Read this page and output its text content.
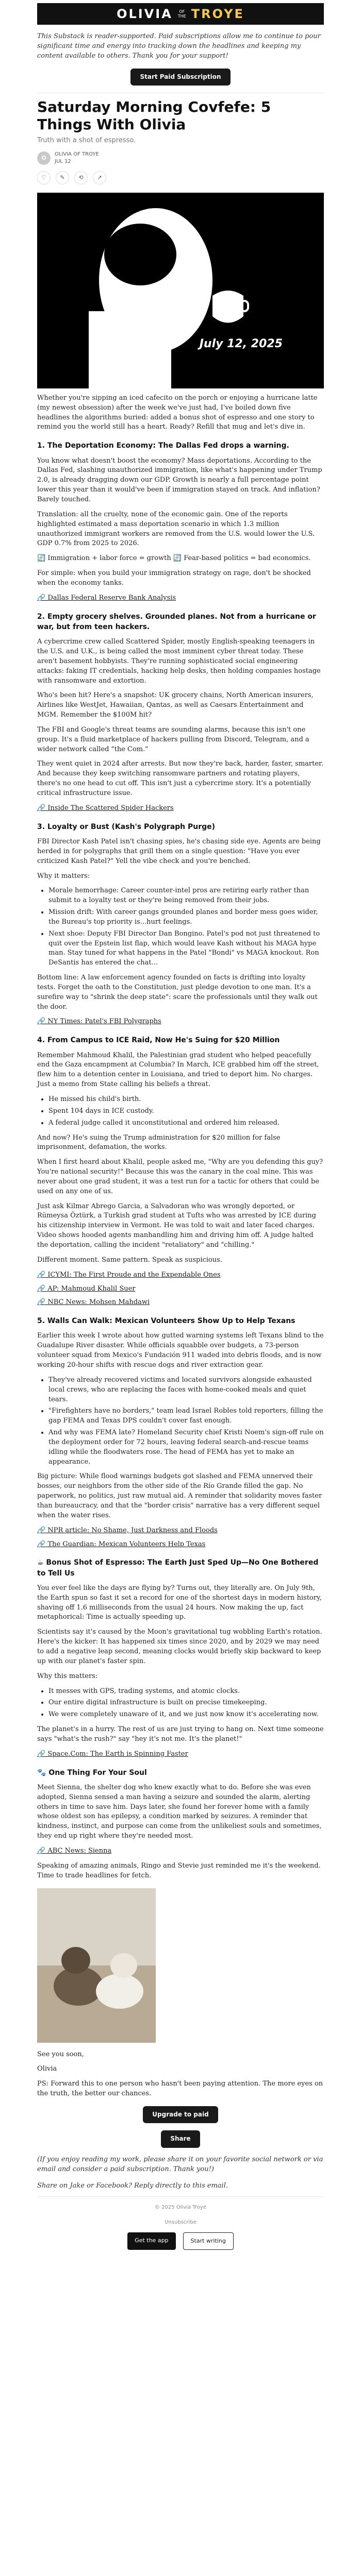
OLIVIA	OF
THE TROYE

This Substack is reader-supported. Paid subscriptions allow me to continue to pour significant time and energy into tracking down the headlines and keeping my content available to others. Thank you for your support!

Start Paid Subscription
Saturday Morning Covfefe: 5 Things With Olivia
Truth with a shot of espresso.
O
OLIVIA OF TROYE
JUL 12
♡	✎	⟲	↗
July 12, 2025

Whether you're sipping an iced cafecito on the porch or enjoying a hurricane latte (my newest obsession) after the week we've just had, I've boiled down five headlines the algorithms buried: added a bonus shot of espresso and one story to remind you the world still has a heart. Ready? Refill that mug and let's dive in.

1. The Deportation Economy: The Dallas Fed drops a warning.

You know what doesn't boost the economy? Mass deportations. According to the Dallas Fed, slashing unauthorized immigration, like what's happening under Trump 2.0, is already dragging down our GDP. Growth is nearly a full percentage point lower this year than it would've been if immigration stayed on track. And inflation? Barely touched.

Translation: all the cruelty, none of the economic gain. One of the reports highlighted estimated a mass deportation scenario in which 1.3 million unauthorized immigrant workers are removed from the U.S. would lower the U.S. GDP 0.7% from 2025 to 2026.

🔄 Immigration + labor force = growth 🔄 Fear-based politics = bad economics.

For simple: when you build your immigration strategy on rage, don't be shocked when the economy tanks.

🔗 Dallas Federal Reserve Bank Analysis
2. Empty grocery shelves. Grounded planes. Not from a hurricane or war, but from teen hackers.

A cybercrime crew called Scattered Spider, mostly English-speaking teenagers in the U.S. and U.K., is being called the most imminent cyber threat today. These aren't basement hobbyists. They're running sophisticated social engineering attacks: faking IT credentials, hacking help desks, then holding companies hostage with ransomware and extortion.

Who's been hit? Here's a snapshot: UK grocery chains, North American insurers, Airlines like WestJet, Hawaiian, Qantas, as well as Caesars Entertainment and MGM. Remember the $100M hit?

The FBI and Google's threat teams are sounding alarms, because this isn't one group. It's a fluid marketplace of hackers pulling from Discord, Telegram, and a wider network called "the Com."

They went quiet in 2024 after arrests. But now they're back, harder, faster, smarter. And because they keep switching ransomware partners and rotating players, there's no one head to cut off. This isn't just a cybercrime story. It's a potentially critical infrastructure issue.

🔗 Inside The Scattered Spider Hackers
3. Loyalty or Bust (Kash's Polygraph Purge)

FBI Director Kash Patel isn't chasing spies, he's chasing side eye. Agents are being herded in for polygraphs that grill them on a single question: "Have you ever criticized Kash Patel?" Yell the vibe check and you're benched.

Why it matters:

• Morale hemorrhage: Career counter-intel pros are retiring early rather than submit to a loyalty test or they're being removed from their jobs.
• Mission drift: With career gangs grounded planes and border mess goes wider, the Bureau's top priority is...hurt feelings.
• Next shoe: Deputy FBI Director Dan Bongino. Patel's pod not just threatened to quit over the Epstein list flap, which would leave Kash without his MAGA hype man. Stay tuned for what happens in the Patel "Bondi" vs MAGA knockout. Ron DeSantis has entered the chat...

Bottom line: A law enforcement agency founded on facts is drifting into loyalty tests. Forget the oath to the Constitution, just pledge devotion to one man. It's a surefire way to "shrink the deep state": scare the professionals until they walk out the door.

🔗 NY Times: Patel's FBI Polygraphs
4. From Campus to ICE Raid, Now He's Suing for $20 Million

Remember Mahmoud Khalil, the Palestinian grad student who helped peacefully end the Gaza encampment at Columbia? In March, ICE grabbed him off the street, flew him to a detention center in Louisiana, and tried to deport him. No charges. Just a memo from State calling his beliefs a threat.

• He missed his child's birth.
• Spent 104 days in ICE custody.
• A federal judge called it unconstitutional and ordered him released.

And now? He's suing the Trump administration for $20 million for false imprisonment, defamation, the works.

When I first heard about Khalil, people asked me, "Why are you defending this guy? You're national security!" Because this was the canary in the coal mine. This was never about one grad student, it was a test run for a tactic for others that could be used on any one of us.

Just ask Kilmar Abrego Garcia, a Salvadoran who was wrongly deported, or Rümeysa Öztürk, a Turkish grad student at Tufts who was arrested by ICE during his citizenship interview in Vermont. He was told to wait and later faced charges. Video shows hooded agents manhandling him and driving him off. A judge halted the deportation, calling the incident "retaliatory" and "chilling."

Different moment. Same pattern. Speak as suspicious.

🔗 ICYMI: The First Proude and the Expendable Ones
🔗 AP: Mahmoud Khalil Suer
🔗 NBC News: Mohsen Mahdawi
5. Walls Can Walk: Mexican Volunteers Show Up to Help Texans

Earlier this week I wrote about how gutted warning systems left Texans blind to the Guadalupe River disaster. While officials squabble over budgets, a 73-person volunteer squad from Mexico's Fundación 911 waded into debris floods, and is now working 20-hour shifts with rescue dogs and river extraction gear.

• They've already recovered victims and located survivors alongside exhausted local crews, who are replacing the faces with home-cooked meals and quiet tears.
• "Firefighters have no borders," team lead Israel Robles told reporters, filling the gap FEMA and Texas DPS couldn't cover fast enough.
• And why was FEMA late? Homeland Security chief Kristi Noem's sign-off rule on the deployment order for 72 hours, leaving federal search-and-rescue teams idling while the floodwaters rose. The head of FEMA has yet to make an appearance.

Big picture: While flood warnings budgets got slashed and FEMA unnerved their bosses, our neighbors from the other side of the Río Grande filled the gap. No paperwork, no politics, just raw mutual aid. A reminder that solidarity moves faster than bureaucracy, and that the "border crisis" narrative has a very different sequel when the water rises.

🔗 NPR article: No Shame, Just Darkness and Floods
🔗 The Guardian: Mexican Volunteers Help Texas
☕ Bonus Shot of Espresso: The Earth Just Sped Up—No One Bothered to Tell Us

You ever feel like the days are flying by? Turns out, they literally are. On July 9th, the Earth spun so fast it set a record for one of the shortest days in modern history, shaving off 1.6 milliseconds from the usual 24 hours. Now making the up, fact metaphorical: Time is actually speeding up.

Scientists say it's caused by the Moon's gravitational tug wobbling Earth's rotation. Here's the kicker: It has happened six times since 2020, and by 2029 we may need to add a negative leap second, meaning clocks would briefly skip backward to keep up with our planet's faster spin.

Why this matters:

• It messes with GPS, trading systems, and atomic clocks.
• Our entire digital infrastructure is built on precise timekeeping.
• We were completely unaware of it, and we just now know it's accelerating now.

The planet's in a hurry. The rest of us are just trying to hang on. Next time someone says "what's the rush?" say "hey it's not me. It's the planet!"

🔗 Space.Com: The Earth is Spinning Faster
🐾 One Thing For Your Soul

Meet Sienna, the shelter dog who knew exactly what to do. Before she was even adopted, Sienna sensed a man having a seizure and sounded the alarm, alerting others in time to save him. Days later, she found her forever home with a family whose oldest son has epilepsy, a condition marked by seizures. A reminder that kindness, instinct, and purpose can come from the unlikeliest souls and sometimes, they end up right where they're needed most.

🔗 ABC News: Sienna

Speaking of amazing animals, Ringo and Stevie just reminded me it's the weekend. Time to trade headlines for fetch.

See you soon,

Olivia

PS: Forward this to one person who hasn't been paying attention. The more eyes on the truth, the better our chances.

Upgrade to paid
Share

(If you enjoy reading my work, please share it on your favorite social network or via email and consider a paid subscription. Thank you!)

Share on Jake or Facebook? Reply directly to this email.

© 2025 Olivia Troye
Unsubscribe
Get the app	Start writing
